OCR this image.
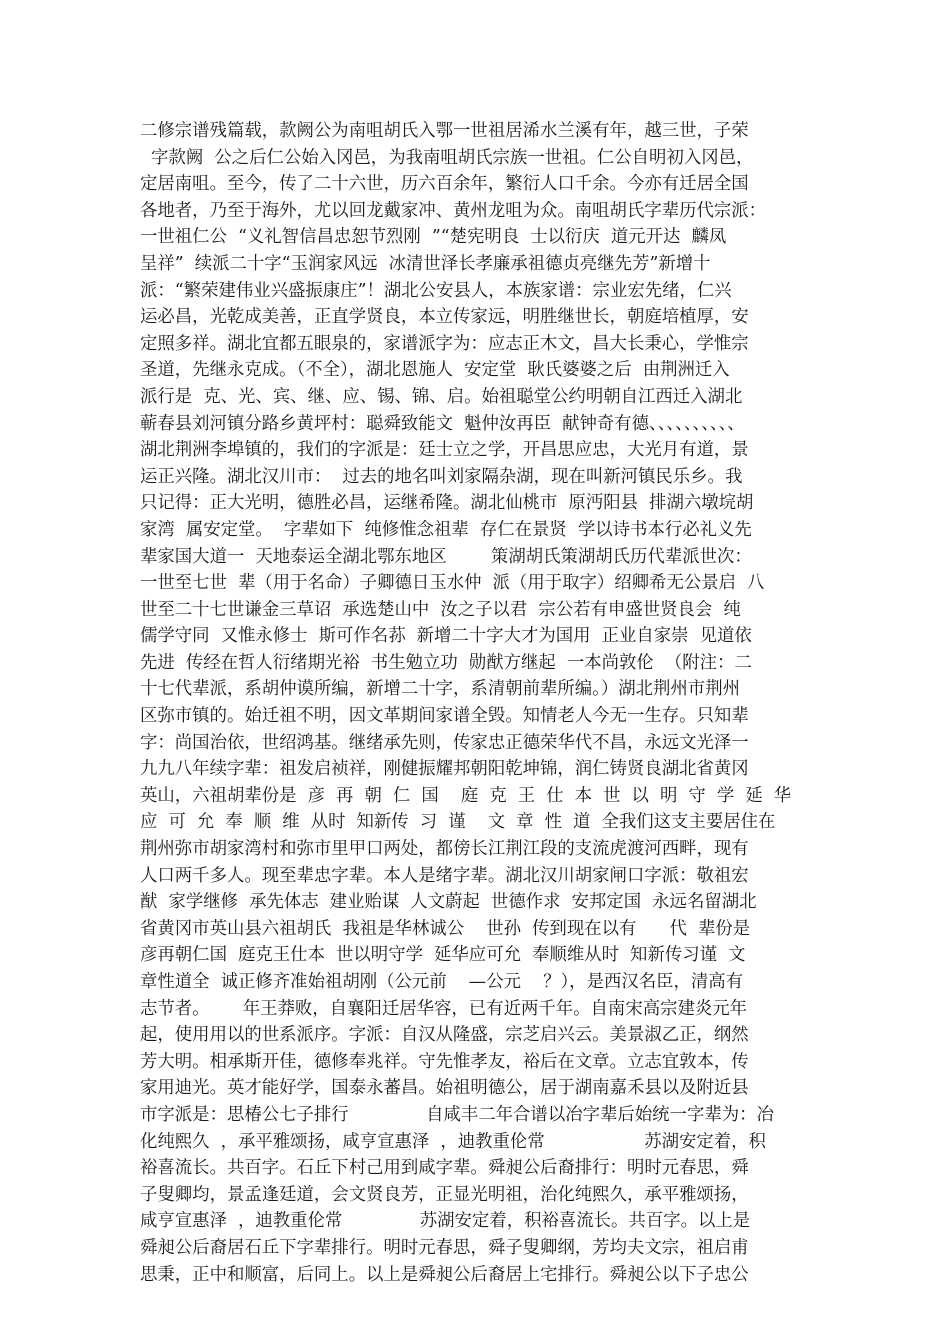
二修宗谱残篇载，款阙公为南咀胡氏入鄂一世祖居浠水兰溪有年，越三世，子荣
字款阙  公之后仁公始入冈邑，为我南咀胡氏宗族一世祖。仁公自明初入冈邑，
定居南咀。至今，传了二十六世，历六百余年，繁衍人口千余。今亦有迁居全国
各地者，乃至于海外，尤以回龙戴家冲、黄州龙咀为众。南咀胡氏字辈历代宗派：
一世祖仁公  “义礼智信昌忠恕节烈刚  ”“楚宪明良  士以衍庆  道元开达  麟凤
呈祥”  续派二十字“玉润家风远  冰清世泽长孝廉承祖德贞亮继先芳”新增十
派：“繁荣建伟业兴盛振康庄”！湖北公安县人，本族家谱：宗业宏先绪，仁兴
运必昌，光乾成美善，正直学贤良，本立传家远，明胜继世长，朝庭培植厚，安
定照多祥。湖北宜都五眼泉的，家谱派字为：应志正木文，昌大长秉心，学惟宗
圣道，先继永克成。（不全），湖北恩施人  安定堂  耿氏婆婆之后  由荆洲迁入
派行是  克、光、宾、继、应、锡、锦、启。始祖聪堂公约明朝自江西迁入湖北
蕲春县刘河镇分路乡黄坪村：聪舜致能文  魁仲汝再臣  献钟奇有德、、、、、、、、、、
湖北荆洲李埠镇的，我们的字派是：廷士立之学，开昌思应忠，大光月有道，景
运正兴隆。湖北汉川市：  过去的地名叫刘家隔杂湖，现在叫新河镇民乐乡。我
只记得：正大光明，德胜必昌，运继希隆。湖北仙桃市  原沔阳县  排湖六墩垸胡
家湾  属安定堂。  字辈如下  纯修惟念祖辈  存仁在景贤  学以诗书本行必礼义先
辈家国大道一  天地泰运全湖北鄂东地区        策湖胡氏策湖胡氏历代辈派世次：
一世至七世  辈（用于名命）子卿德日玉水仲  派（用于取字）绍卿希无公景启  八
世至二十七世谦金三草诏  承选楚山中  汝之子以君  宗公若有申盛世贤良会  纯
儒学守同  又惟永修士  斯可作名荪  新增二十字大才为国用  正业自家崇  见道依
先进  传经在哲人衍绪期光裕  书生勉立功  勋猷方继起  一本尚敦伦  （附注：二
十七代辈派，系胡仲谟所编，新增二十字，系清朝前辈所编。）湖北荆州市荆州
区弥市镇的。始迁祖不明，因文革期间家谱全毁。知情老人今无一生存。只知辈
字：尚国治依，世绍鸿基。继绪承先则，传家忠正德荣华代不昌，永远文光泽一
九九八年续字辈：祖发启祯祥，刚健振耀邦朝阳乾坤锦，润仁铸贤良湖北省黄冈
英山，六祖胡辈份是  彦  再  朝  仁  国    庭  克  王  仕  本  世  以  明  守  学  延  华
应  可  允  奉  顺  维  从时  知新传  习  谨    文  章  性  道  全我们这支主要居住在
荆州弥市胡家湾村和弥市里甲口两处，都傍长江荆江段的支流虎渡河西畔，现有
人口两千多人。现至辈忠字辈。本人是绪字辈。湖北汉川胡家闸口字派：敬祖宏
猷  家学继修  承先体志  建业贻谋  人文蔚起  世德作求  安邦定国  永远名留湖北
省黄冈市英山县六祖胡氏  我祖是华林诚公    世孙  传到现在以有      代  辈份是
彦再朝仁国  庭克王仕本  世以明守学  延华应可允  奉顺维从时  知新传习谨  文
章性道全  诚正修齐准始祖胡刚（公元前    —公元    ？），是西汉名臣，清高有
志节者。      年王莽败，自襄阳迁居华容，已有近两千年。自南宋高宗建炎元年
起，使用用以的世系派序。字派：自汉从隆盛，宗芝启兴云。美景淑乙正，纲然
芳大明。相承斯开佳，德修奉兆祥。守先惟孝友，裕后在文章。立志宜敦本，传
家用迪光。英才能好学，国泰永蕃昌。始祖明德公，居于湖南嘉禾县以及附近县
市字派是：思椿公七子排行              自咸丰二年合谱以冶字辈后始统一字辈为：冶
化纯熙久  ，承平雅颂扬，咸亨宣惠泽  ，迪教重伦常                  苏湖安定着，积
裕喜流长。共百字。石丘下村己用到咸字辈。舜昶公后裔排行：明时元春思，舜
子叟卿均，景孟逢廷道，会文贤良芳，正显光明祖，治化纯熙久，承平雅颂扬，
咸亨宣惠泽  ，迪教重伦常              苏湖安定着，积裕喜流长。共百字。以上是
舜昶公后裔居石丘下字辈排行。明时元春思，舜子叟卿纲，芳均夫文宗，祖启甫
思秉，正中和顺富，后同上。以上是舜昶公后裔居上宅排行。舜昶公以下子忠公
